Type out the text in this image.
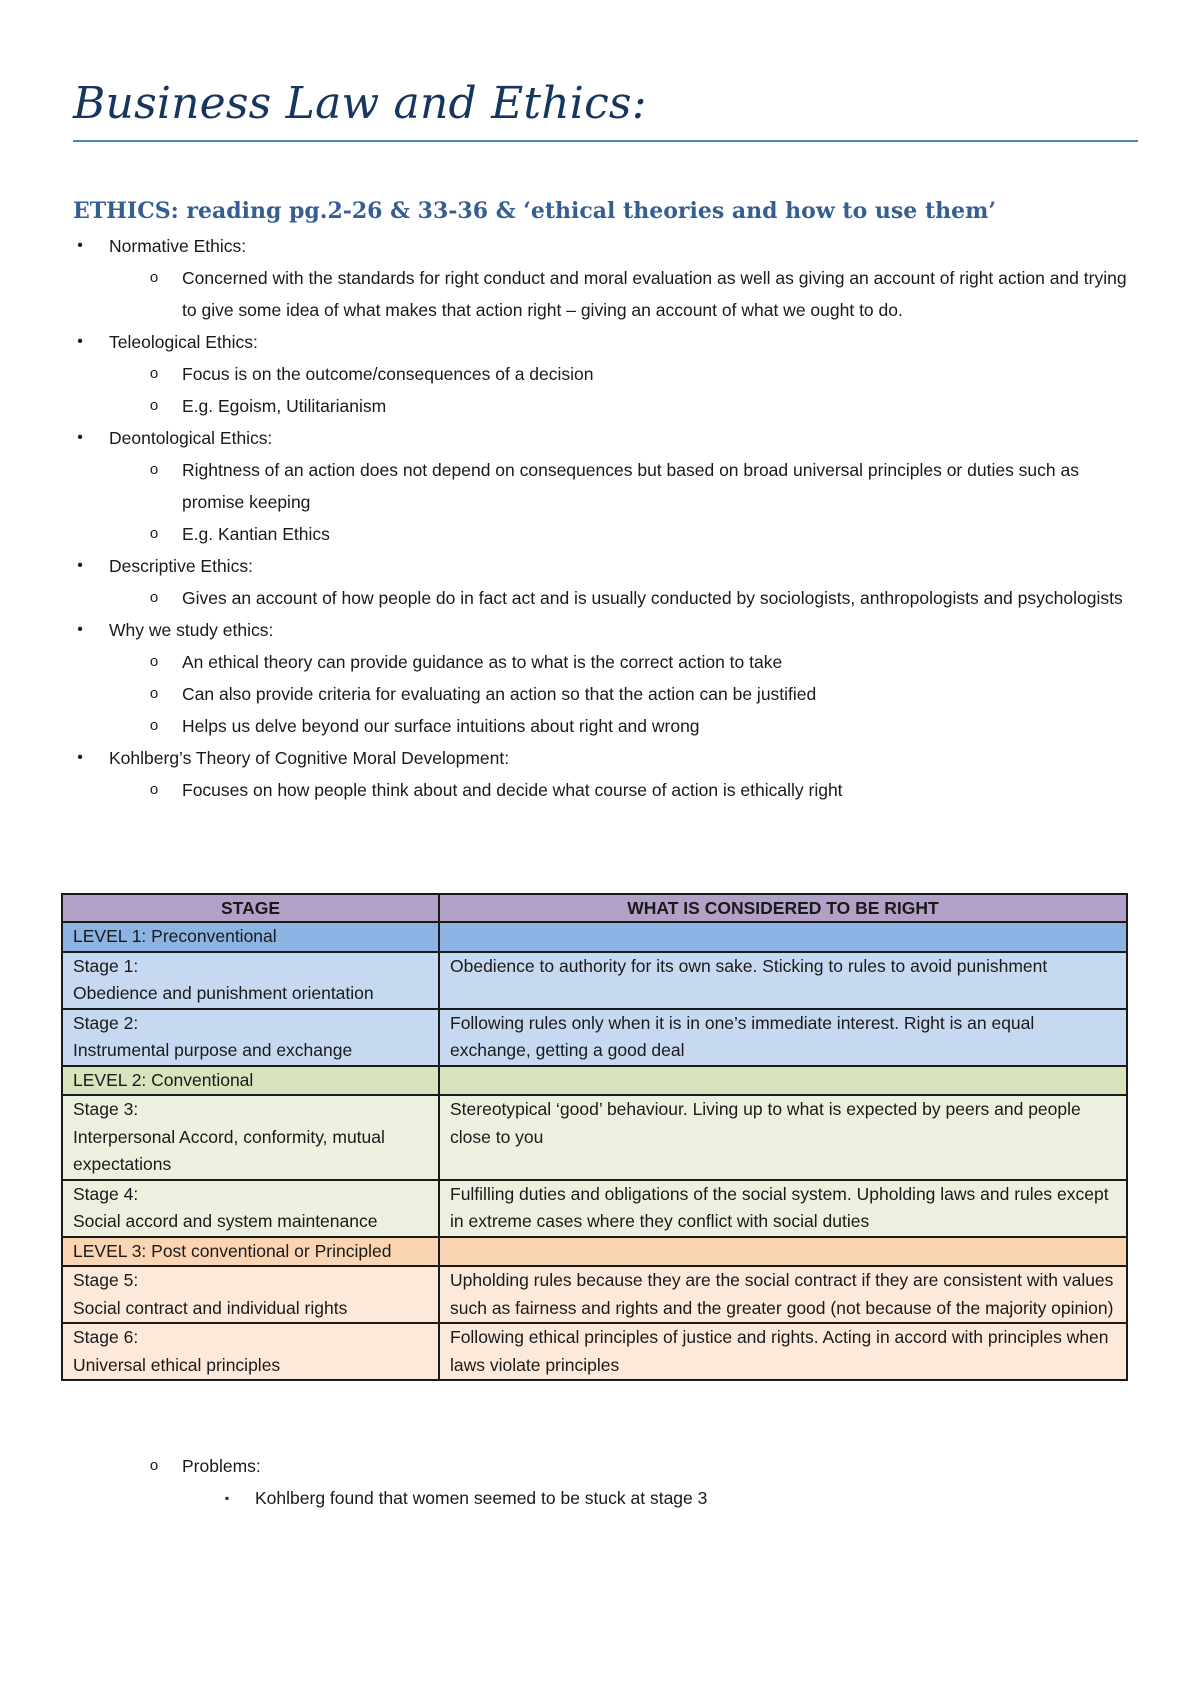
Business Law and Ethics:
ETHICS: reading pg.2-26 & 33-36 & ‘ethical theories and how to use them’
• Normative Ethics:
o Concerned with the standards for right conduct and moral evaluation as well as giving an account of right action and trying to give some idea of what makes that action right – giving an account of what we ought to do.
• Teleological Ethics:
o Focus is on the outcome/consequences of a decision
o E.g. Egoism, Utilitarianism
• Deontological Ethics:
o Rightness of an action does not depend on consequences but based on broad universal principles or duties such as promise keeping
o E.g. Kantian Ethics
• Descriptive Ethics:
o Gives an account of how people do in fact act and is usually conducted by sociologists, anthropologists and psychologists
• Why we study ethics:
o An ethical theory can provide guidance as to what is the correct action to take
o Can also provide criteria for evaluating an action so that the action can be justified
o Helps us delve beyond our surface intuitions about right and wrong
• Kohlberg’s Theory of Cognitive Moral Development:
o Focuses on how people think about and decide what course of action is ethically right
STAGE	WHAT IS CONSIDERED TO BE RIGHT
LEVEL 1: Preconventional	
Stage 1:
Obedience and punishment orientation	Obedience to authority for its own sake. Sticking to rules to avoid punishment
Stage 2:
Instrumental purpose and exchange	Following rules only when it is in one’s immediate interest. Right is an equal exchange, getting a good deal
LEVEL 2: Conventional	
Stage 3:
Interpersonal Accord, conformity, mutual expectations	Stereotypical ‘good’ behaviour. Living up to what is expected by peers and people close to you
Stage 4:
Social accord and system maintenance	Fulfilling duties and obligations of the social system. Upholding laws and rules except in extreme cases where they conflict with social duties
LEVEL 3: Post conventional or Principled	
Stage 5:
Social contract and individual rights	Upholding rules because they are the social contract if they are consistent with values such as fairness and rights and the greater good (not because of the majority opinion)
Stage 6:
Universal ethical principles	Following ethical principles of justice and rights. Acting in accord with principles when laws violate principles
o Problems:
▪	Kohlberg found that women seemed to be stuck at stage 3
